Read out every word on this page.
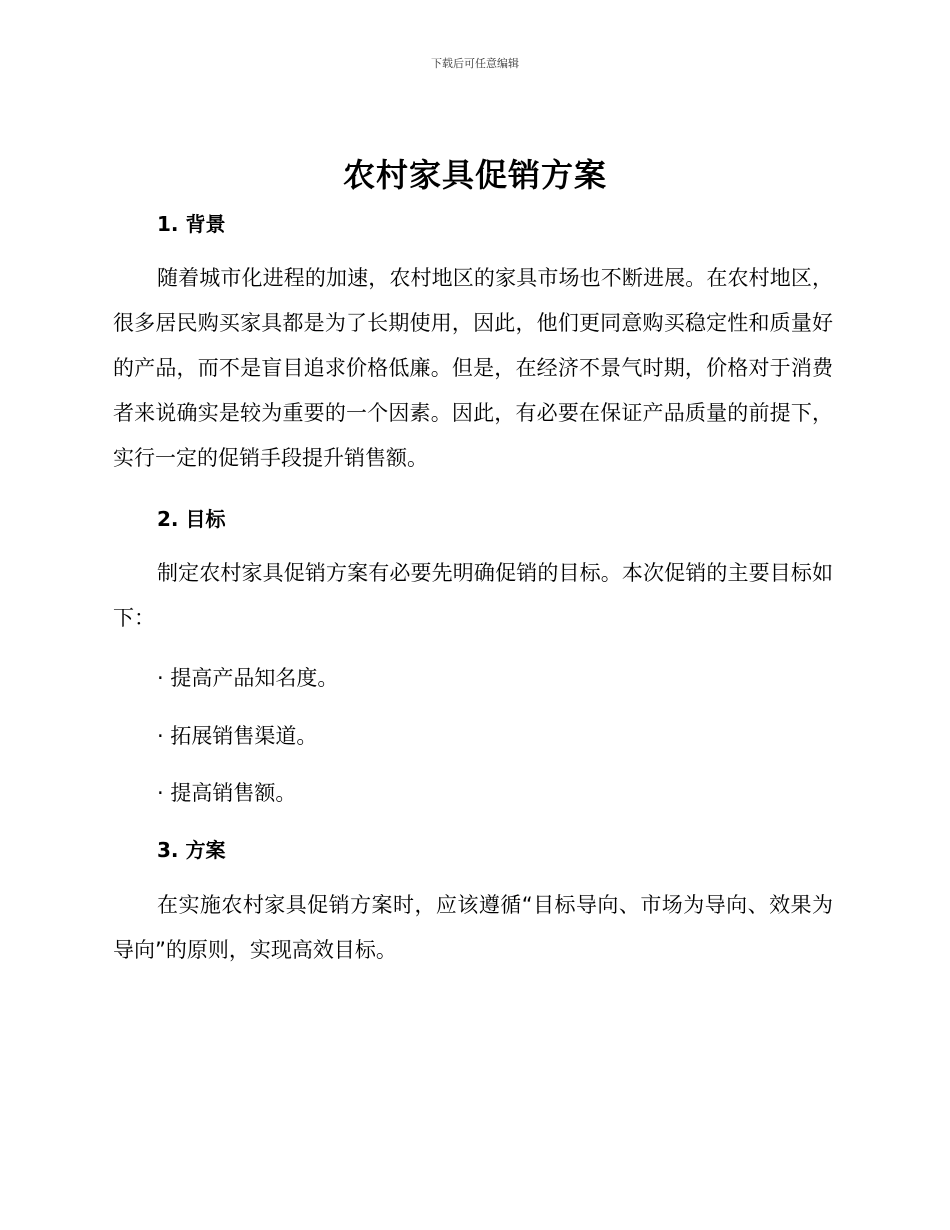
下载后可任意编辑
农村家具促销方案
1. 背景
随着城市化进程的加速，农村地区的家具市场也不断进展。在农村地区，很多居民购买家具都是为了长期使用，因此，他们更同意购买稳定性和质量好的产品，而不是盲目追求价格低廉。但是，在经济不景气时期，价格对于消费者来说确实是较为重要的一个因素。因此，有必要在保证产品质量的前提下，实行一定的促销手段提升销售额。
2. 目标
制定农村家具促销方案有必要先明确促销的目标。本次促销的主要目标如下：
· 提高产品知名度。
· 拓展销售渠道。
· 提高销售额。
3. 方案
在实施农村家具促销方案时，应该遵循“目标导向、市场为导向、效果为导向”的原则，实现高效目标。
